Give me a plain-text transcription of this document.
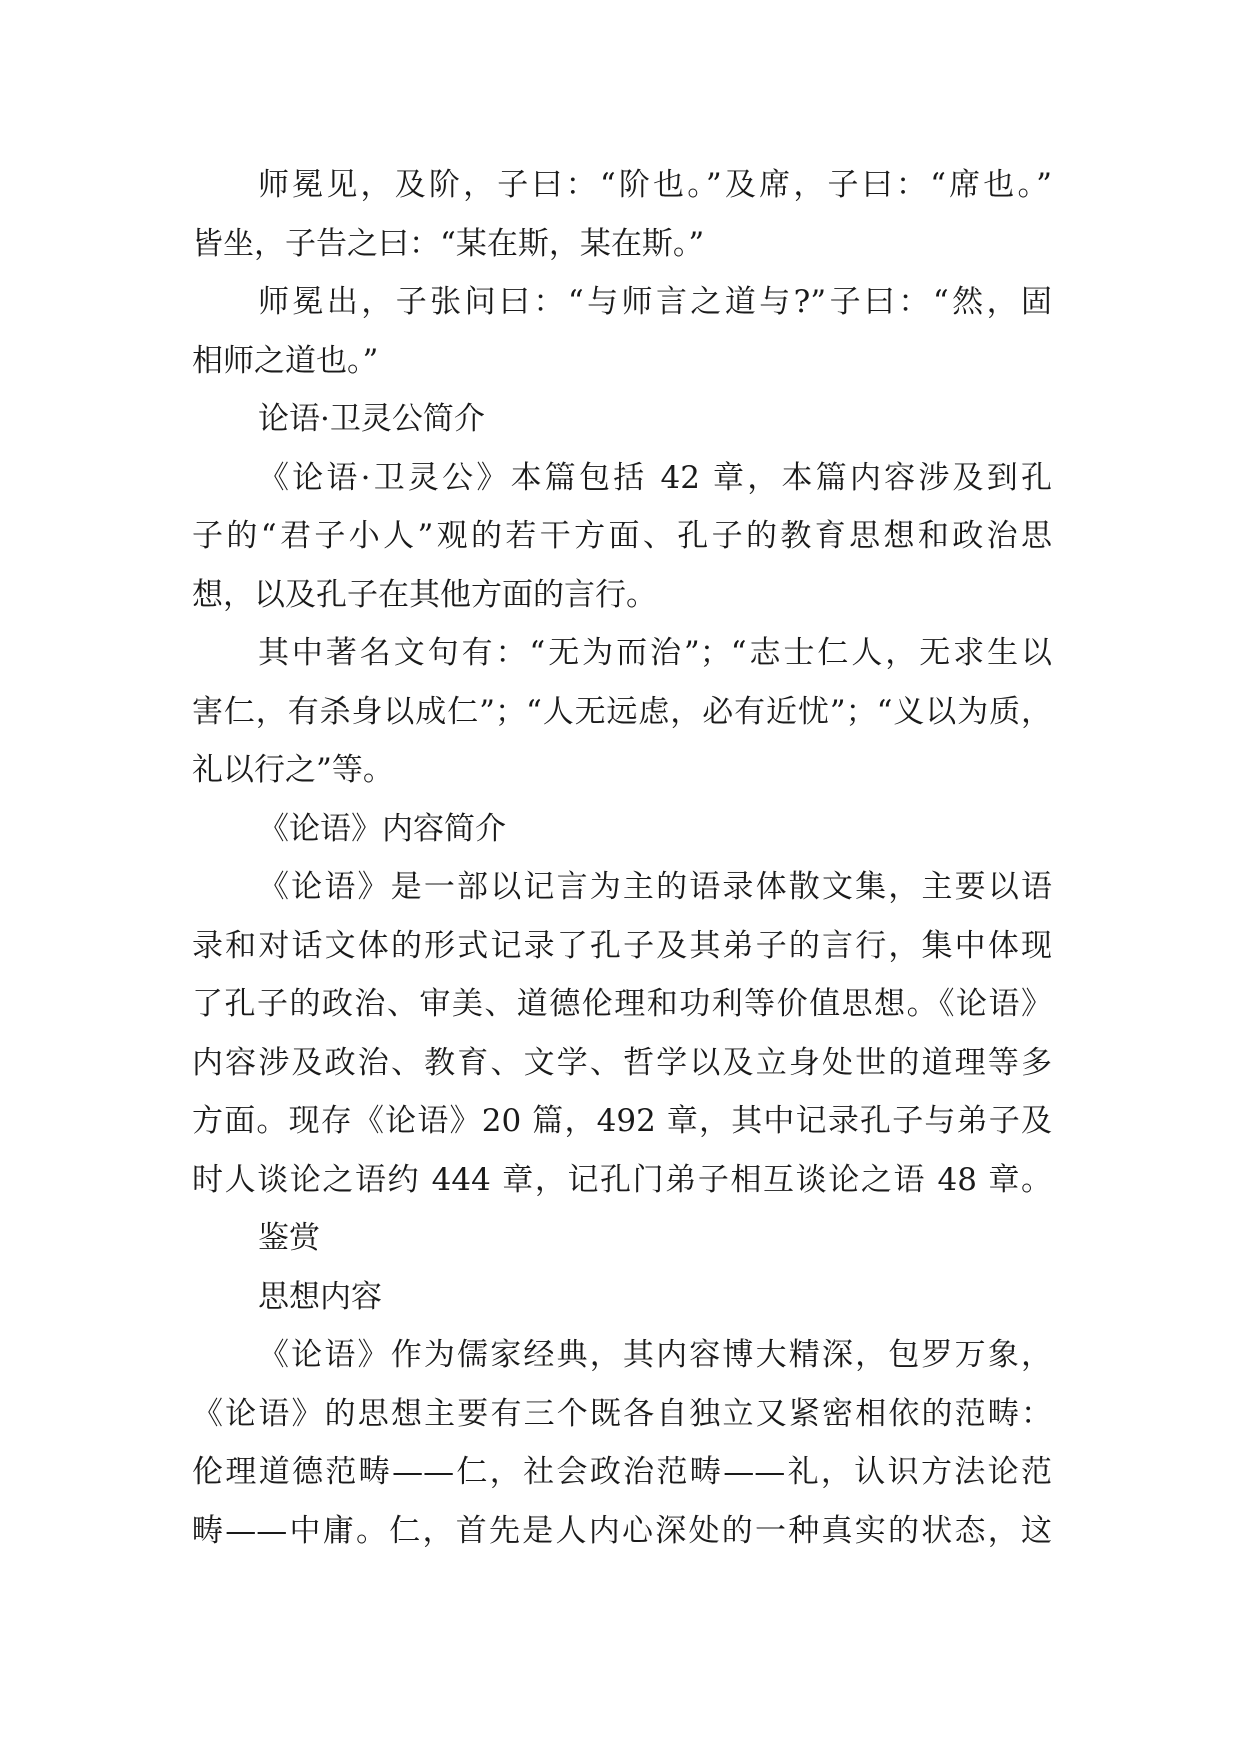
师冕见，及阶，子曰：“阶也。”及席，子曰：“席也。”
皆坐，子告之曰：“某在斯，某在斯。”
师冕出，子张问曰：“与师言之道与?”子曰：“然，固
相师之道也。”
论语·卫灵公简介
《论语·卫灵公》本篇包括 42 章，本篇内容涉及到孔
子的“君子小人”观的若干方面、孔子的教育思想和政治思
想，以及孔子在其他方面的言行。
其中著名文句有：“无为而治”；“志士仁人，无求生以
害仁，有杀身以成仁”；“人无远虑，必有近忧”；“义以为质，
礼以行之”等。
《论语》内容简介
《论语》是一部以记言为主的语录体散文集，主要以语
录和对话文体的形式记录了孔子及其弟子的言行，集中体现
了孔子的政治、审美、道德伦理和功利等价值思想。《论语》
内容涉及政治、教育、文学、哲学以及立身处世的道理等多
方面。现存《论语》20 篇，492 章，其中记录孔子与弟子及
时人谈论之语约 444 章，记孔门弟子相互谈论之语 48 章。
鉴赏
思想内容
《论语》作为儒家经典，其内容博大精深，包罗万象，
《论语》的思想主要有三个既各自独立又紧密相依的范畴：
伦理道德范畴——仁，社会政治范畴——礼，认识方法论范
畴——中庸。仁，首先是人内心深处的一种真实的状态，这
